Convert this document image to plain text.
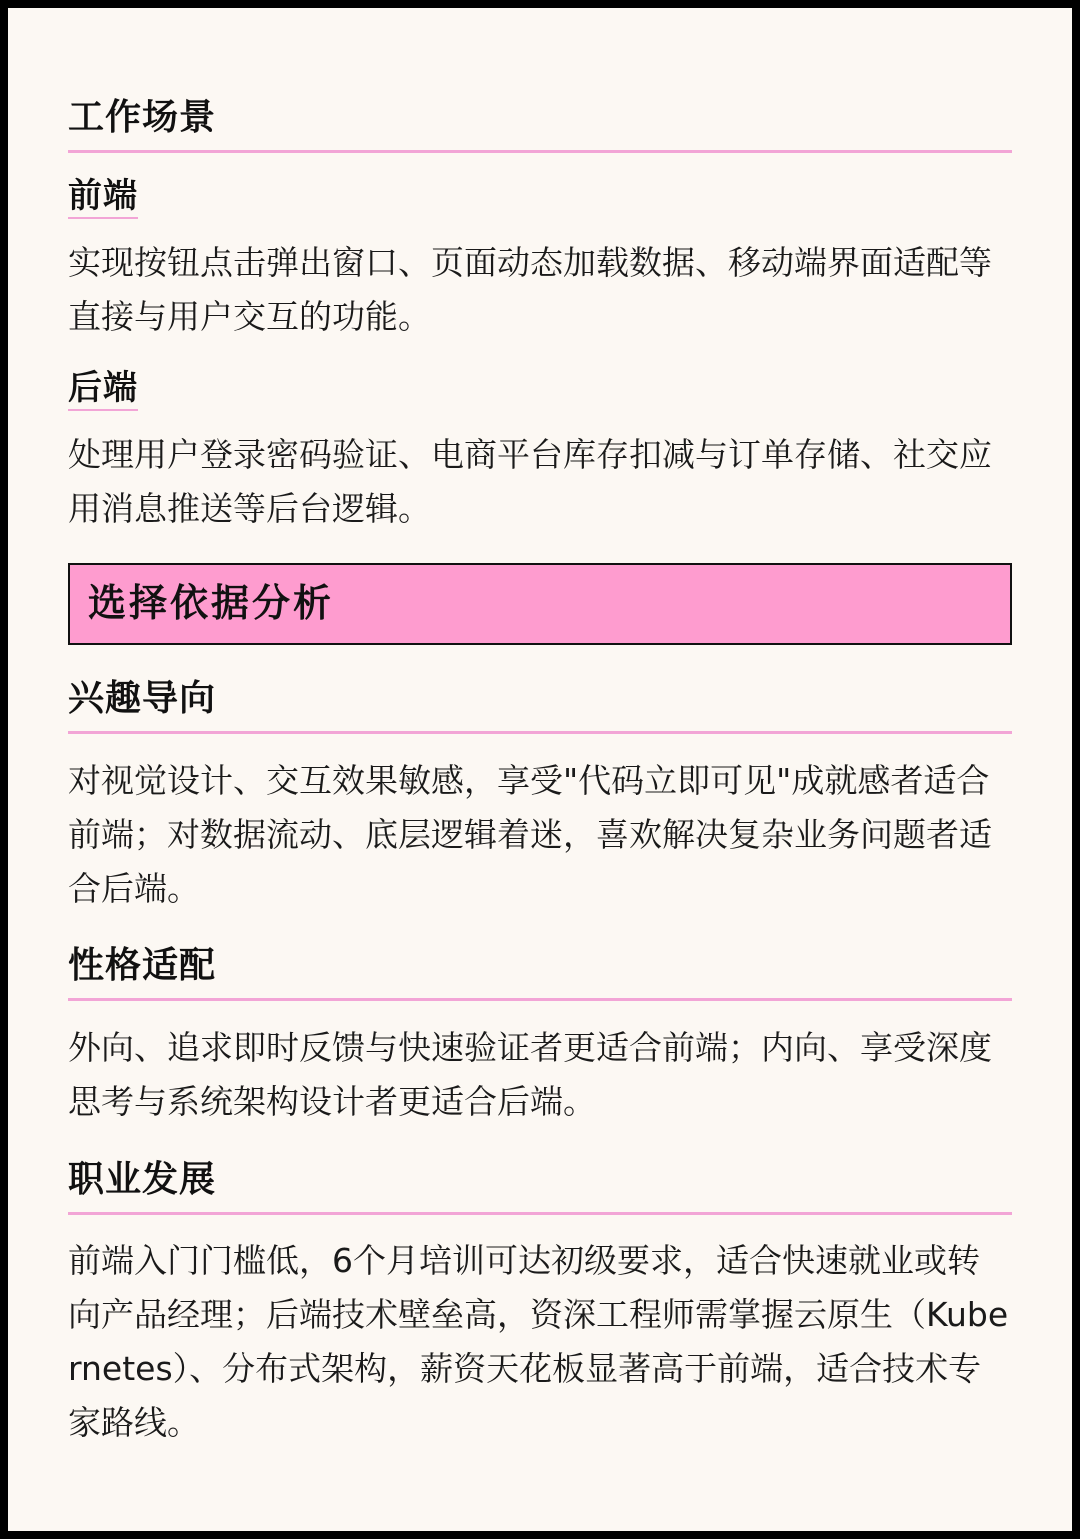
工作场景
前端

实现按钮点击弹出窗口、页面动态加载数据、移动端界面适配等直接与用户交互的功能。

后端

处理用户登录密码验证、电商平台库存扣减与订单存储、社交应用消息推送等后台逻辑。

选择依据分析
兴趣导向

对视觉设计、交互效果敏感，享受"代码立即可见"成就感者适合前端；对数据流动、底层逻辑着迷，喜欢解决复杂业务问题者适合后端。

性格适配

外向、追求即时反馈与快速验证者更适合前端；内向、享受深度思考与系统架构设计者更适合后端。

职业发展

前端入门门槛低，6个月培训可达初级要求，适合快速就业或转向产品经理；后端技术壁垒高，资深工程师需掌握云原生（Kubernetes）、分布式架构，薪资天花板显著高于前端，适合技术专家路线。
